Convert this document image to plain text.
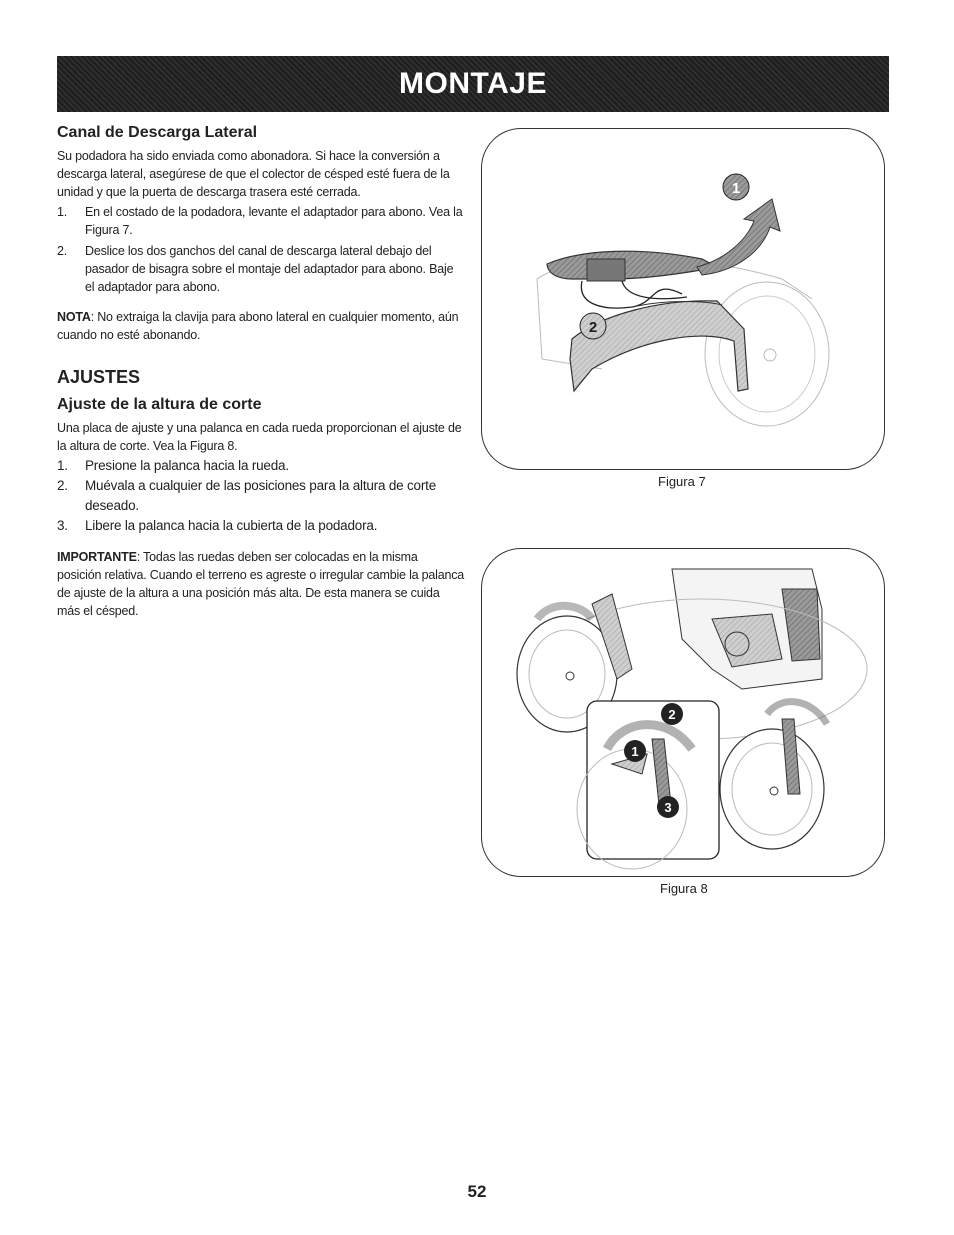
MONTAJE
Canal de Descarga Lateral

Su podadora ha sido enviada como abonadora. Si hace la conversión a descarga lateral, asegúrese de que el colector de césped esté fuera de la unidad y que la puerta de descarga trasera esté cerrada.

1. En el costado de la podadora, levante el adaptador para abono. Vea la Figura 7.
2. Deslice los dos ganchos del canal de descarga lateral debajo del pasador de bisagra sobre el montaje del adaptador para abono. Baje el adaptador para abono.

NOTA: No extraiga la clavija para abono lateral en cualquier momento, aún cuando no esté abonando.

AJUSTES
Ajuste de la altura de corte

Una placa de ajuste y una palanca en cada rueda proporcionan el ajuste de la altura de corte. Vea la Figura 8.

1. Presione la palanca hacia la rueda.
2. Muévala a cualquier de las posiciones para la altura de corte deseado.
3. Libere la palanca hacia la cubierta de la podadora.

IMPORTANTE: Todas las ruedas deben ser colocadas en la misma posición relativa. Cuando el terreno es agreste o irregular cambie la palanca de ajuste de la altura a una posición más alta. De esta manera se cuida más el césped.

1
2
Figura 7
2
1
3
Figura 8
52
